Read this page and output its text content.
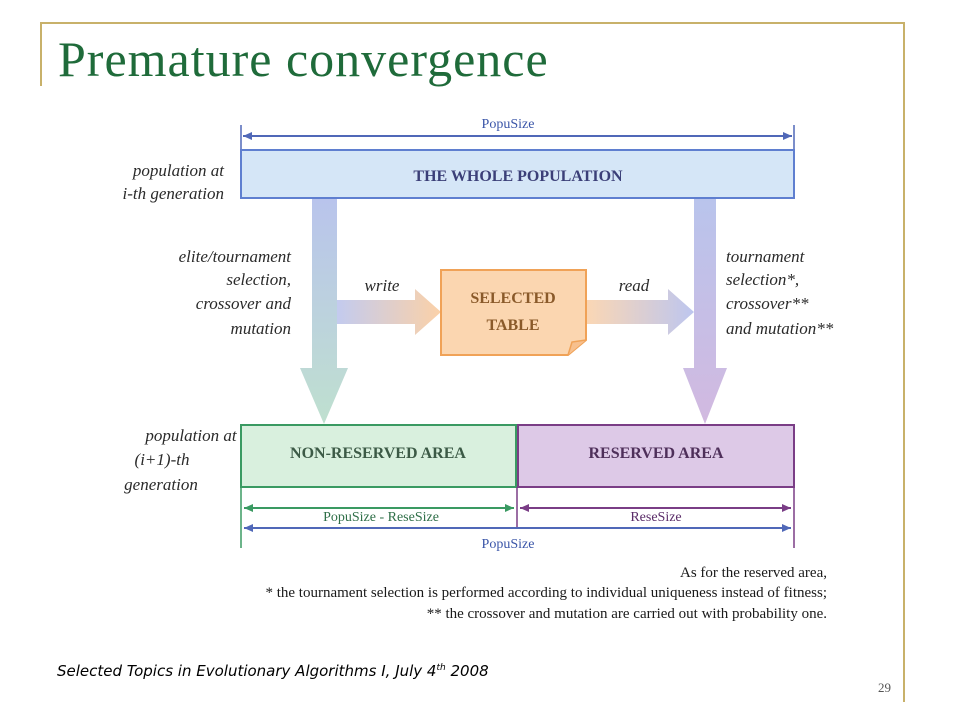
Premature convergence
PopuSize
THE WHOLE POPULATION
population at
i-th generation
write	read
SELECTED
TABLE
elite/tournament
selection,
crossover and
mutation
tournament
selection*,
crossover**
and mutation**
population at
(i+1)-th
generation
NON-RESERVED AREA	RESERVED AREA
PopuSize - ReseSize	ReseSize
PopuSize
As for the reserved area,
* the tournament selection is performed according to individual uniqueness instead of fitness;
** the crossover and mutation are carried out with probability one.
Selected Topics in Evolutionary Algorithms I, July 4th 2008
29
